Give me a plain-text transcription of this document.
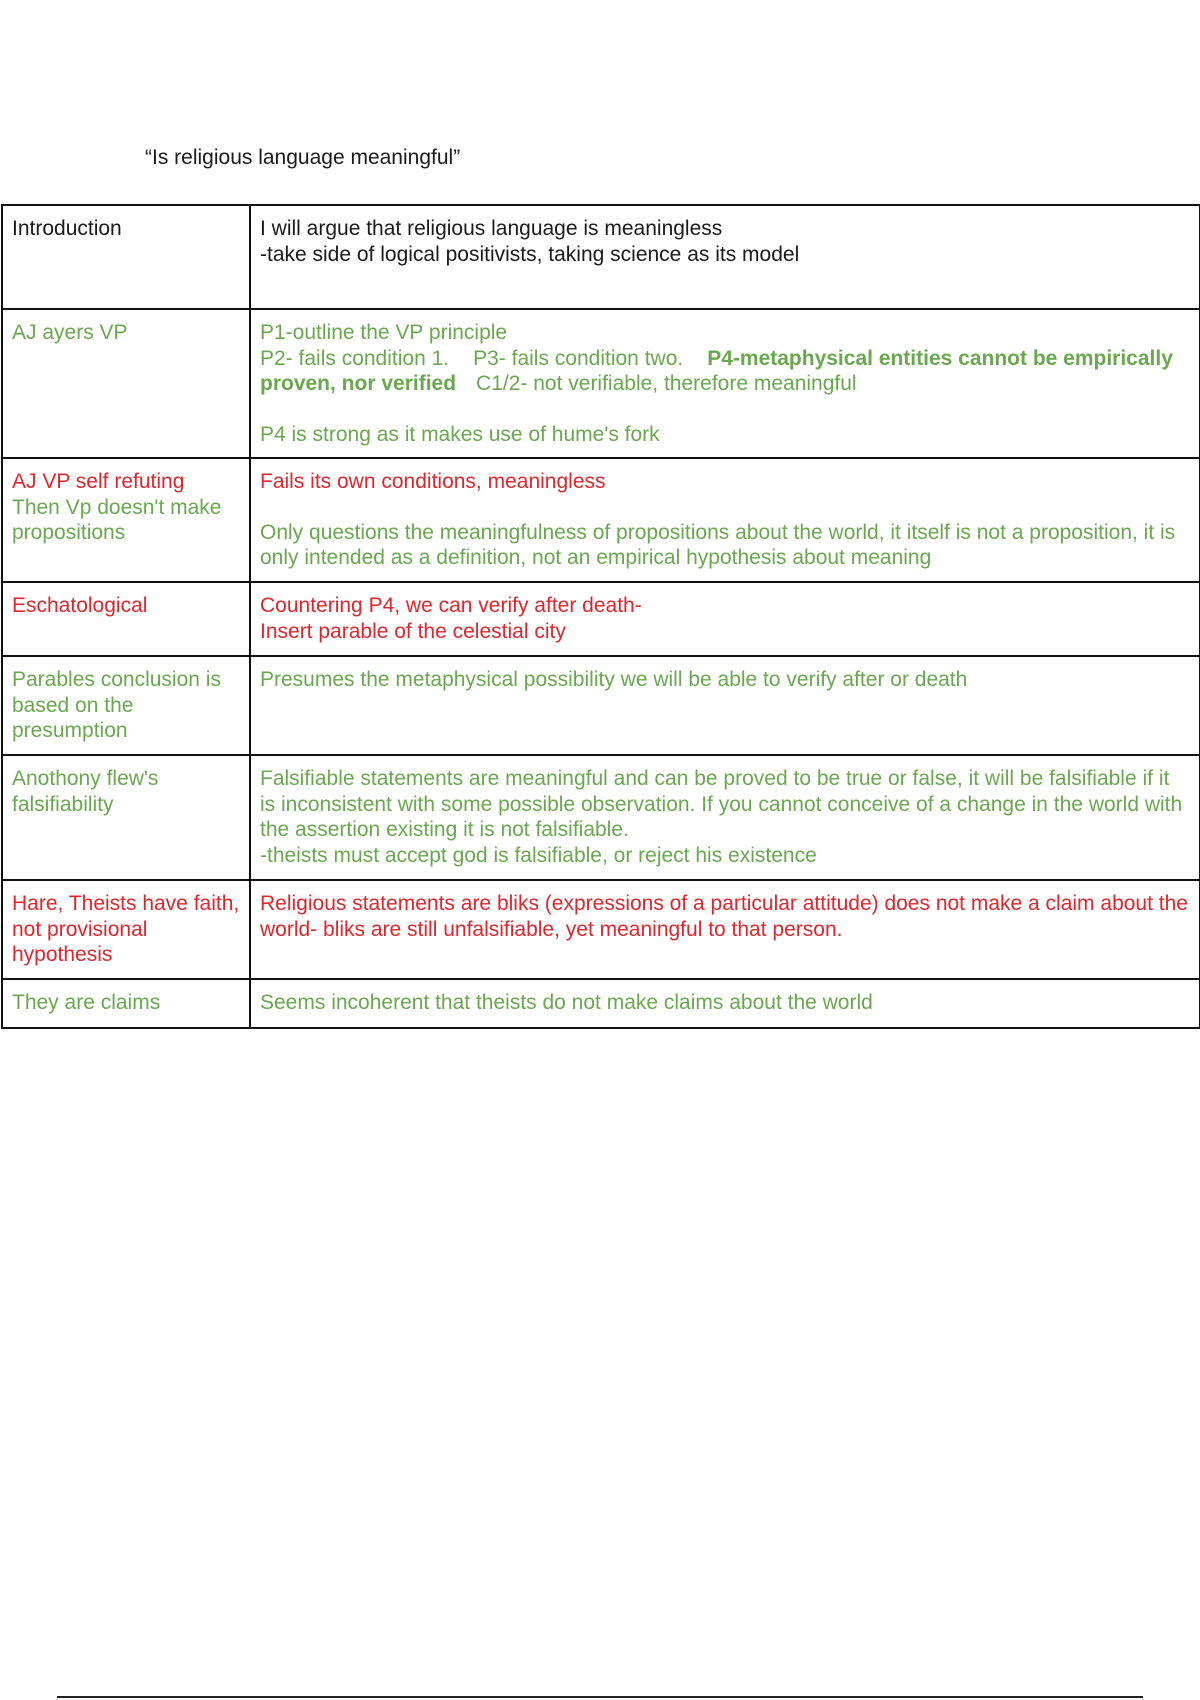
“Is religious language meaningful”
Introduction	I will argue that religious language is meaningless
-take side of logical positivists, taking science as its model

AJ ayers VP	P1-outline the VP principle
P2- fails condition 1. P3- fails condition two. P4-metaphysical entities cannot be empirically proven, nor verified C1/2- not verifiable, therefore meaningful
P4 is strong as it makes use of hume's fork

AJ VP self refuting
Then Vp doesn't make propositions	Fails its own conditions, meaningless
Only questions the meaningfulness of propositions about the world, it itself is not a proposition, it is only intended as a definition, not an empirical hypothesis about meaning

Eschatological	Countering P4, we can verify after death-
Insert parable of the celestial city

Parables conclusion is based on the presumption	Presumes the metaphysical possibility we will be able to verify after or death

Anothony flew's falsifiability	Falsifiable statements are meaningful and can be proved to be true or false, it will be falsifiable if it is inconsistent with some possible observation. If you cannot conceive of a change in the world with the assertion existing it is not falsifiable.
-theists must accept god is falsifiable, or reject his existence

Hare, Theists have faith, not provisional hypothesis	Religious statements are bliks (expressions of a particular attitude) does not make a claim about the world- bliks are still unfalsifiable, yet meaningful to that person.

They are claims	Seems incoherent that theists do not make claims about the world
